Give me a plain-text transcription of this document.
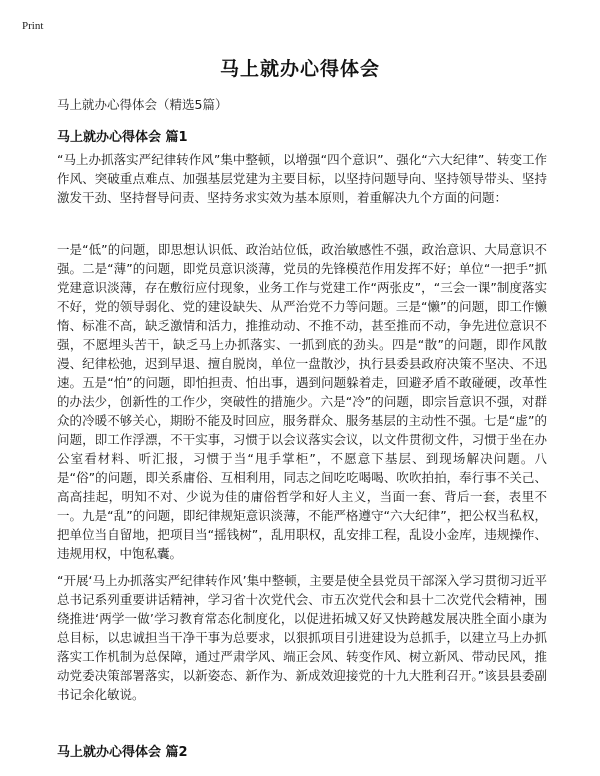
Print
马上就办心得体会
马上就办心得体会（精选5篇）
马上就办心得体会 篇1

“马上办抓落实严纪律转作风”集中整顿，以增强“四个意识”、强化“六大纪律”、转变工作作风、突破重点难点、加强基层党建为主要目标，以坚持问题导向、坚持领导带头、坚持激发干劲、坚持督导问责、坚持务求实效为基本原则，着重解决九个方面的问题：

一是“低”的问题，即思想认识低、政治站位低，政治敏感性不强，政治意识、大局意识不强。二是“薄”的问题，即党员意识淡薄，党员的先锋模范作用发挥不好；单位“一把手”抓党建意识淡薄，存在敷衍应付现象，业务工作与党建工作“两张皮”，“三会一课”制度落实不好，党的领导弱化、党的建设缺失、从严治党不力等问题。三是“懒”的问题，即工作懒惰、标准不高，缺乏激情和活力，推推动动、不推不动，甚至推而不动，争先进位意识不强，不愿埋头苦干，缺乏马上办抓落实、一抓到底的劲头。四是“散”的问题，即作风散漫、纪律松弛，迟到早退、擅自脱岗，单位一盘散沙，执行县委县政府决策不坚决、不迅速。五是“怕”的问题，即怕担责、怕出事，遇到问题躲着走，回避矛盾不敢碰硬，改革性的办法少，创新性的工作少，突破性的措施少。六是“冷”的问题，即宗旨意识不强，对群众的冷暖不够关心，期盼不能及时回应，服务群众、服务基层的主动性不强。七是“虚”的问题，即工作浮漂，不干实事，习惯于以会议落实会议，以文件贯彻文件，习惯于坐在办公室看材料、听汇报，习惯于当“甩手掌柜”，不愿意下基层、到现场解决问题。八是“俗”的问题，即关系庸俗、互相利用，同志之间吃吃喝喝、吹吹拍拍，奉行事不关己、高高挂起，明知不对、少说为佳的庸俗哲学和好人主义，当面一套、背后一套，表里不一。九是“乱”的问题，即纪律规矩意识淡薄，不能严格遵守“六大纪律”，把公权当私权，把单位当自留地，把项目当“摇钱树”，乱用职权，乱安排工程，乱设小金库，违规操作、违规用权，中饱私囊。

“开展‘马上办抓落实严纪律转作风’集中整顿，主要是使全县党员干部深入学习贯彻习近平总书记系列重要讲话精神，学习省十次党代会、市五次党代会和县十二次党代会精神，围绕推进‘两学一做’学习教育常态化制度化，以促进拓城又好又快跨越发展决胜全面小康为总目标，以忠诚担当干净干事为总要求，以狠抓项目引进建设为总抓手，以建立马上办抓落实工作机制为总保障，通过严肃学风、端正会风、转变作风、树立新风、带动民风，推动党委决策部署落实，以新姿态、新作为、新成效迎接党的十九大胜利召开。”该县县委副书记余化敏说。

马上就办心得体会 篇2
